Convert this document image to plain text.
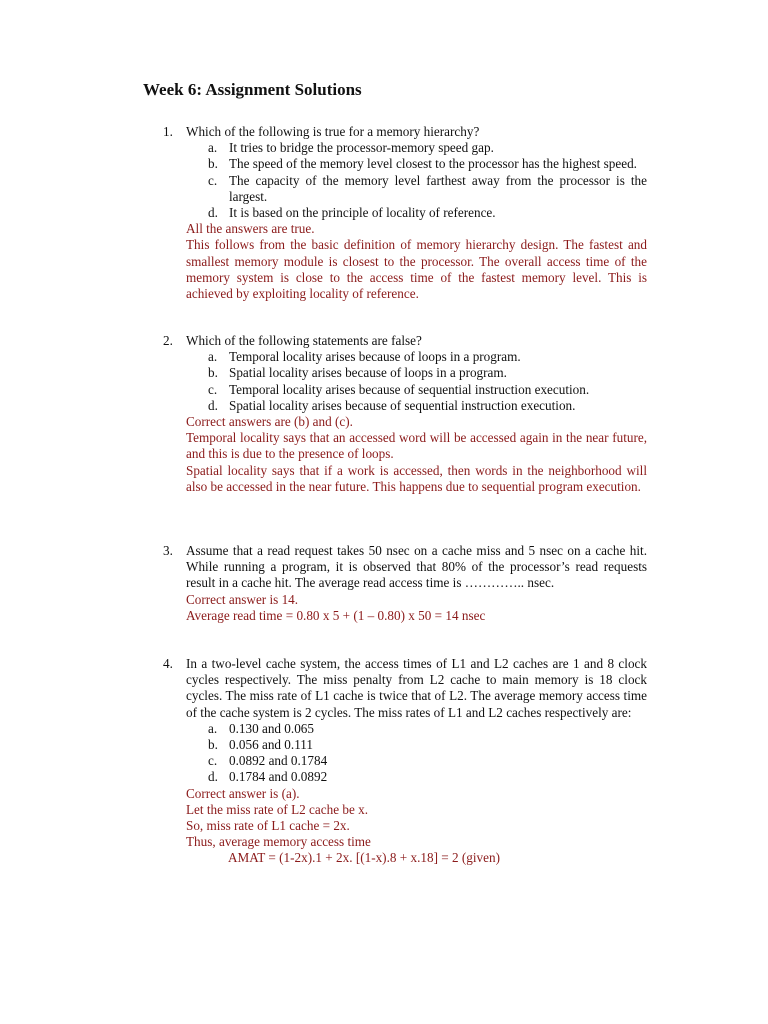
Week 6: Assignment Solutions
1. Which of the following is true for a memory hierarchy?
a. It tries to bridge the processor-memory speed gap.
b. The speed of the memory level closest to the processor has the highest speed.
c. The capacity of the memory level farthest away from the processor is the largest.
d. It is based on the principle of locality of reference.

All the answers are true.

This follows from the basic definition of memory hierarchy design. The fastest and smallest memory module is closest to the processor. The overall access time of the memory system is close to the access time of the fastest memory level. This is achieved by exploiting locality of reference.

2. Which of the following statements are false?
a. Temporal locality arises because of loops in a program.
b. Spatial locality arises because of loops in a program.
c. Temporal locality arises because of sequential instruction execution.
d. Spatial locality arises because of sequential instruction execution.

Correct answers are (b) and (c).

Temporal locality says that an accessed word will be accessed again in the near future, and this is due to the presence of loops.

Spatial locality says that if a work is accessed, then words in the neighborhood will also be accessed in the near future. This happens due to sequential program execution.

3. Assume that a read request takes 50 nsec on a cache miss and 5 nsec on a cache hit. While running a program, it is observed that 80% of the processor’s read requests result in a cache hit. The average read access time is ………….. nsec.

Correct answer is 14.

Average read time = 0.80 x 5 + (1 – 0.80) x 50 = 14 nsec

4. In a two-level cache system, the access times of L1 and L2 caches are 1 and 8 clock cycles respectively. The miss penalty from L2 cache to main memory is 18 clock cycles. The miss rate of L1 cache is twice that of L2. The average memory access time of the cache system is 2 cycles. The miss rates of L1 and L2 caches respectively are:
a. 0.130 and 0.065
b. 0.056 and 0.111
c. 0.0892 and 0.1784
d. 0.1784 and 0.0892

Correct answer is (a).

Let the miss rate of L2 cache be x.

So, miss rate of L1 cache = 2x.

Thus, average memory access time

AMAT = (1-2x).1 + 2x. [(1-x).8 + x.18] = 2 (given)
